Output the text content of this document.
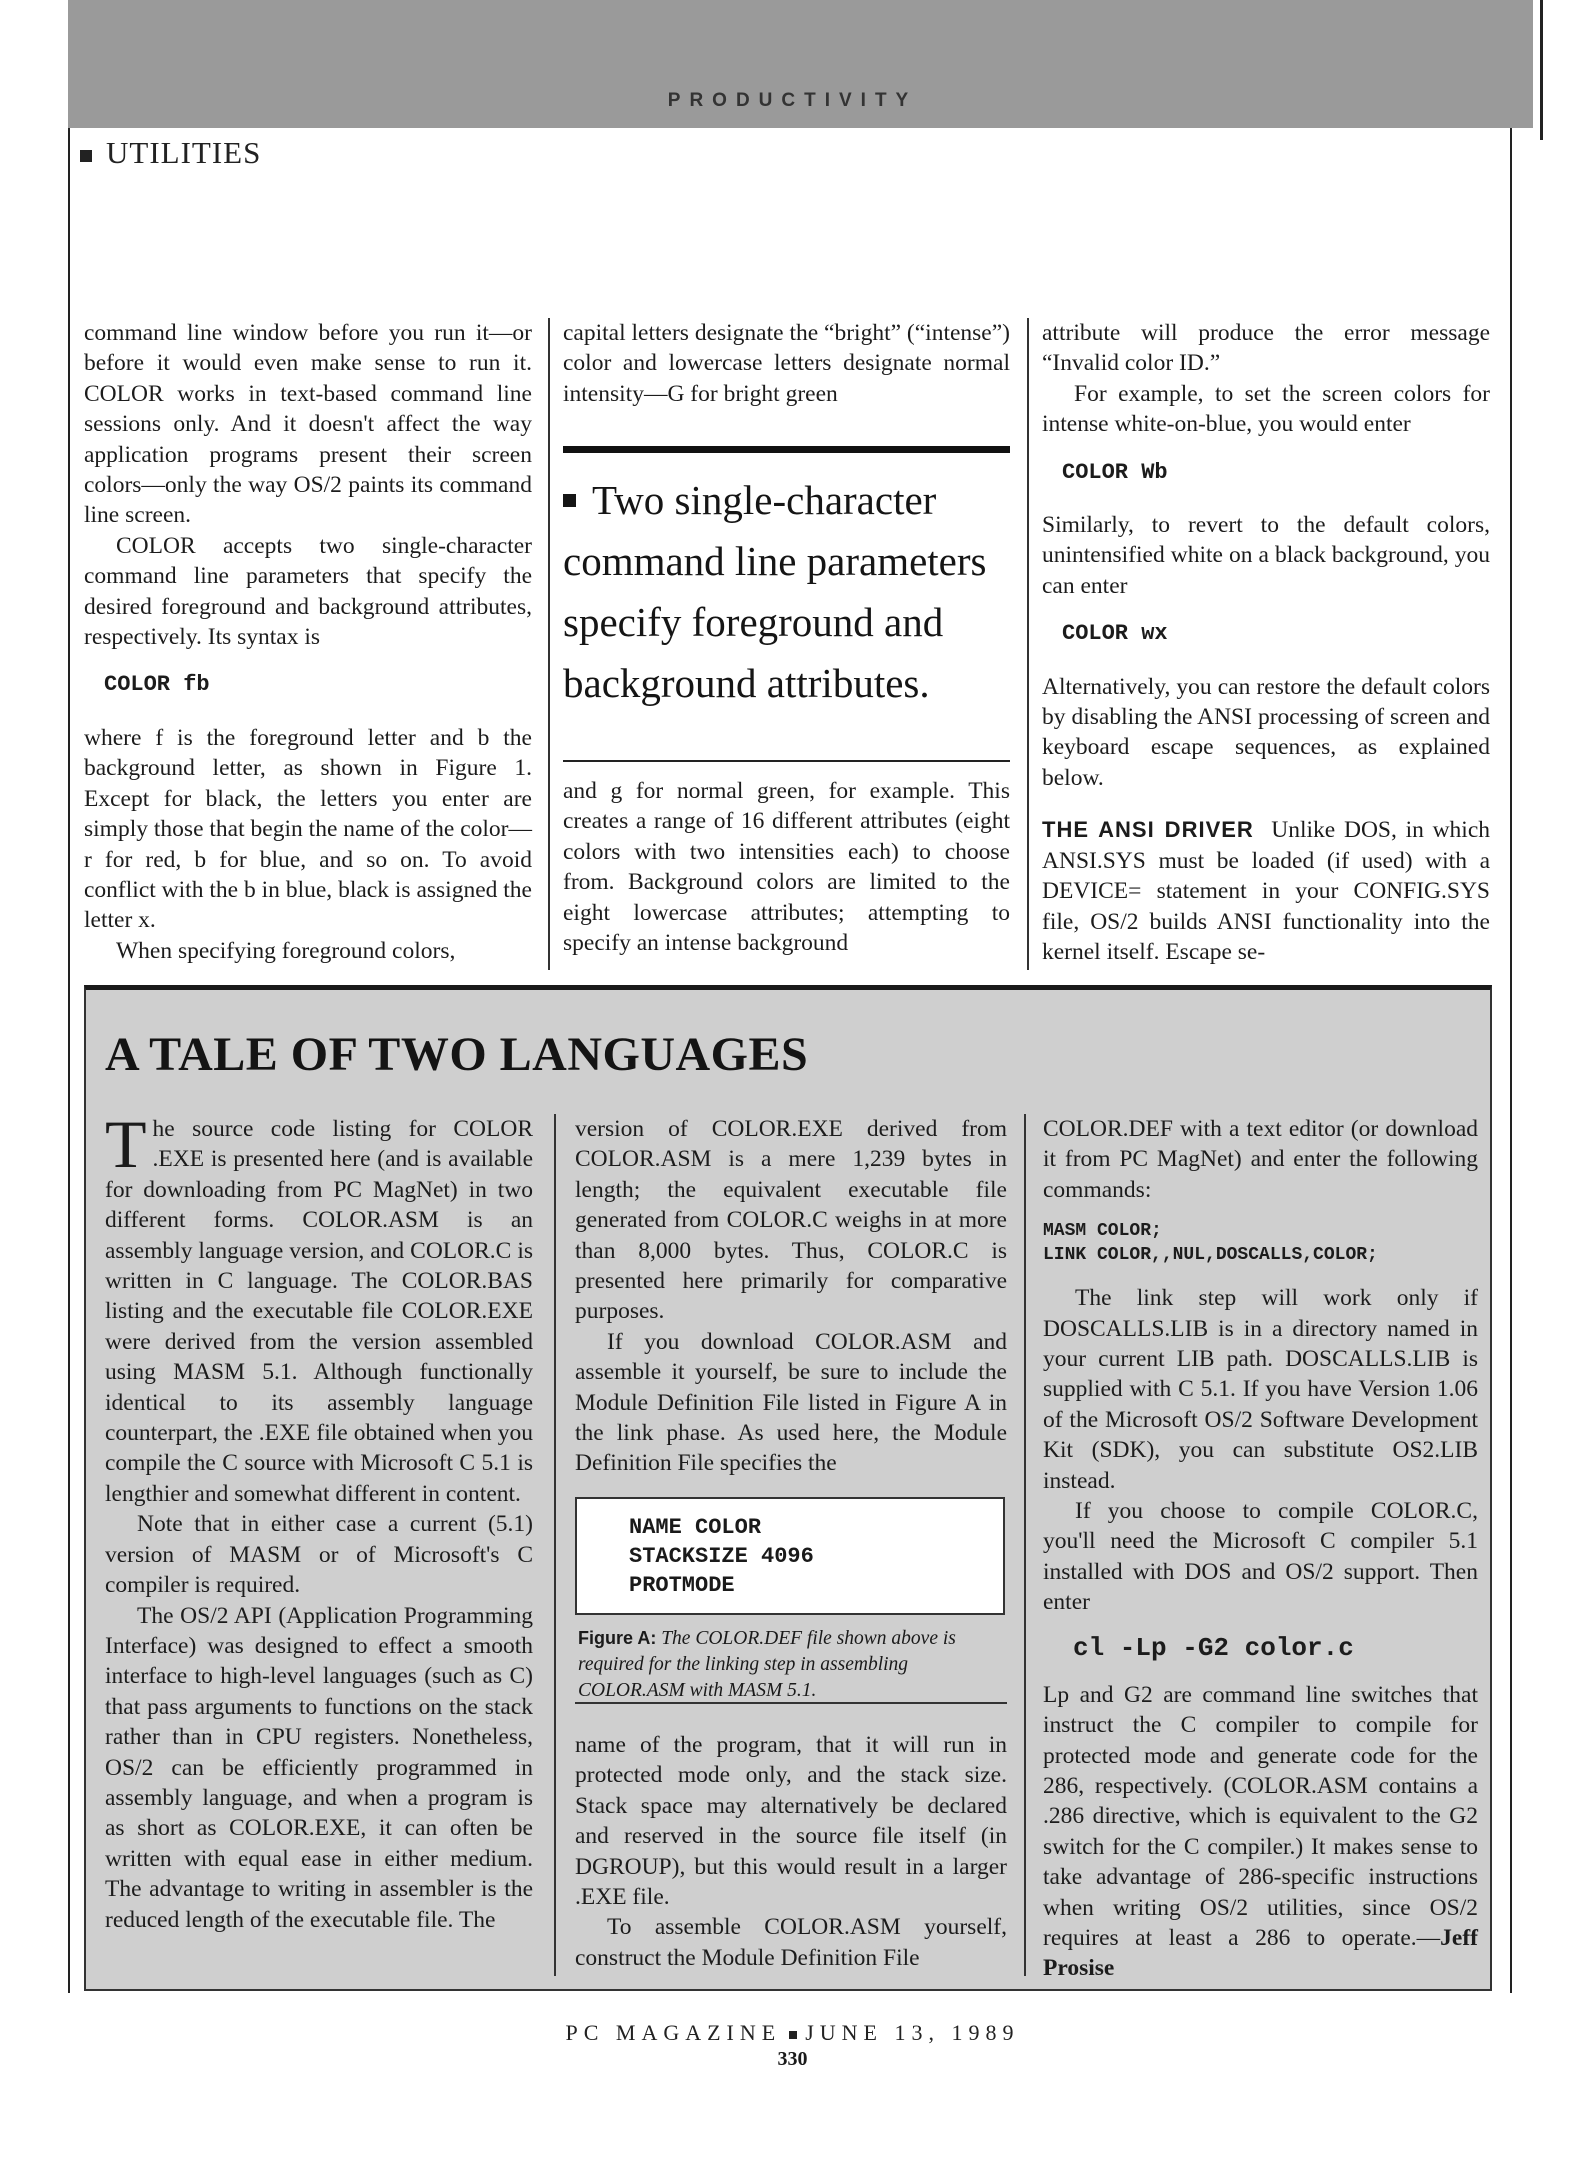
PRODUCTIVITY
UTILITIES

command line window before you run it—or before it would even make sense to run it. COLOR works in text-based command line sessions only. And it doesn't affect the way application programs present their screen colors—only the way OS/2 paints its command line screen.

COLOR accepts two single-character command line parameters that specify the desired foreground and background attributes, respectively. Its syntax is

COLOR fb

where f is the foreground letter and b the background letter, as shown in Figure 1. Except for black, the letters you enter are simply those that begin the name of the color—r for red, b for blue, and so on. To avoid conflict with the b in blue, black is assigned the letter x.

When specifying foreground colors,

capital letters designate the “bright” (“intense”) color and lowercase letters designate normal intensity—G for bright green

Two single-character command line parameters specify foreground and background attributes.

and g for normal green, for example. This creates a range of 16 different attributes (eight colors with two intensities each) to choose from. Background colors are limited to the eight lowercase attributes; attempting to specify an intense background

attribute will produce the error message “Invalid color ID.”

For example, to set the screen colors for intense white-on-blue, you would enter

COLOR Wb

Similarly, to revert to the default colors, unintensified white on a black background, you can enter

COLOR wx

Alternatively, you can restore the default colors by disabling the ANSI processing of screen and keyboard escape sequences, as explained below.

THE ANSI DRIVER Unlike DOS, in which ANSI.SYS must be loaded (if used) with a DEVICE= statement in your CONFIG.SYS file, OS/2 builds ANSI functionality into the kernel itself. Escape se-

A TALE OF TWO LANGUAGES

The source code listing for COLOR .EXE is presented here (and is available for downloading from PC MagNet) in two different forms. COLOR.ASM is an assembly language version, and COLOR.C is written in C language. The COLOR.BAS listing and the executable file COLOR.EXE were derived from the version assembled using MASM 5.1. Although functionally identical to its assembly language counterpart, the .EXE file obtained when you compile the C source with Microsoft C 5.1 is lengthier and somewhat different in content.

Note that in either case a current (5.1) version of MASM or of Microsoft's C compiler is required.

The OS/2 API (Application Programming Interface) was designed to effect a smooth interface to high-level languages (such as C) that pass arguments to functions on the stack rather than in CPU registers. Nonetheless, OS/2 can be efficiently programmed in assembly language, and when a program is as short as COLOR.EXE, it can often be written with equal ease in either medium. The advantage to writing in assembler is the reduced length of the executable file. The

version of COLOR.EXE derived from COLOR.ASM is a mere 1,239 bytes in length; the equivalent executable file generated from COLOR.C weighs in at more than 8,000 bytes. Thus, COLOR.C is presented here primarily for comparative purposes.

If you download COLOR.ASM and assemble it yourself, be sure to include the Module Definition File listed in Figure A in the link phase. As used here, the Module Definition File specifies the

NAME COLOR
STACKSIZE 4096
PROTMODE
Figure A: The COLOR.DEF file shown above is required for the linking step in assembling COLOR.ASM with MASM 5.1.

name of the program, that it will run in protected mode only, and the stack size. Stack space may alternatively be declared and reserved in the source file itself (in DGROUP), but this would result in a larger .EXE file.

To assemble COLOR.ASM yourself, construct the Module Definition File

COLOR.DEF with a text editor (or download it from PC MagNet) and enter the following commands:

MASM COLOR;
LINK COLOR,,NUL,DOSCALLS,COLOR;

The link step will work only if DOSCALLS.LIB is in a directory named in your current LIB path. DOSCALLS.LIB is supplied with C 5.1. If you have Version 1.06 of the Microsoft OS/2 Software Development Kit (SDK), you can substitute OS2.LIB instead.

If you choose to compile COLOR.C, you'll need the Microsoft C compiler 5.1 installed with DOS and OS/2 support. Then enter

cl -Lp -G2 color.c

Lp and G2 are command line switches that instruct the C compiler to compile for protected mode and generate code for the 286, respectively. (COLOR.ASM contains a .286 directive, which is equivalent to the G2 switch for the C compiler.) It makes sense to take advantage of 286-specific instructions when writing OS/2 utilities, since OS/2 requires at least a 286 to operate.—Jeff Prosise

PC MAGAZINE JUNE 13, 1989
330
